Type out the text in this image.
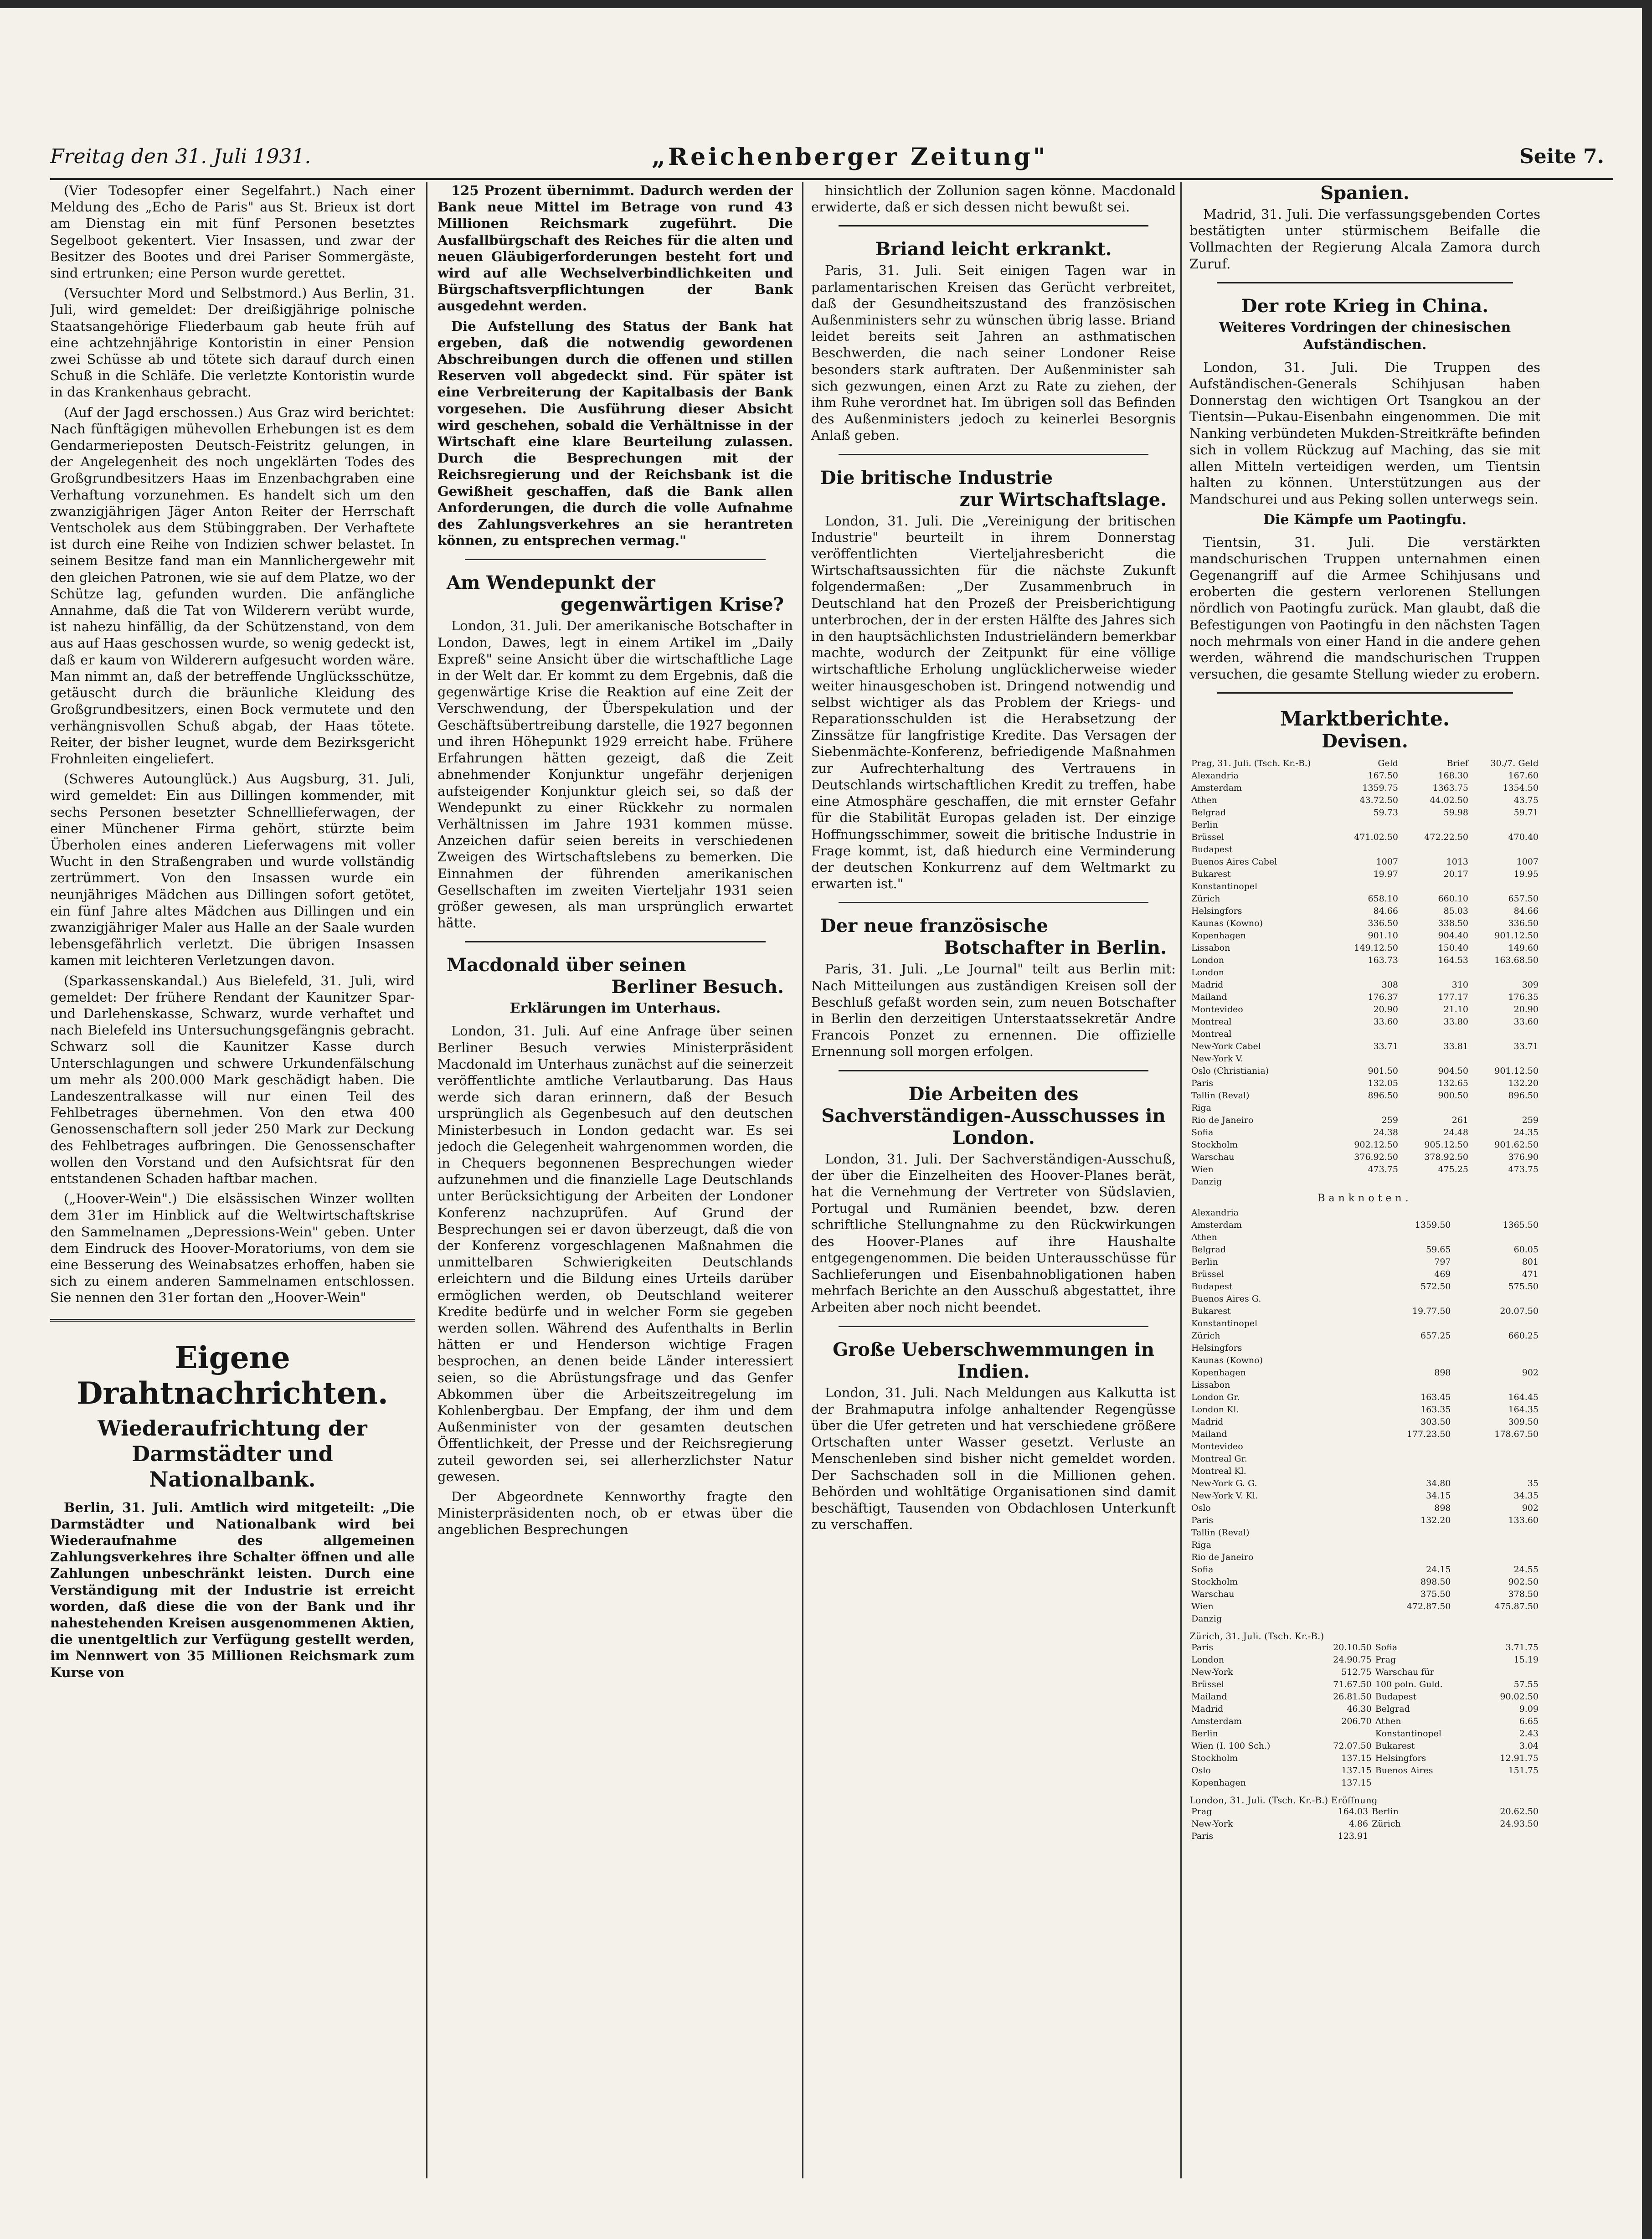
Freitag den 31. Juli 1931.	„Reichenberger Zeitung"	Seite 7.

(Vier Todesopfer einer Segelfahrt.) Nach einer Meldung des „Echo de Paris" aus St. Brieux ist dort am Dienstag ein mit fünf Personen besetztes Segelboot gekentert. Vier Insassen, und zwar der Besitzer des Bootes und drei Pariser Sommergäste, sind ertrunken; eine Person wurde gerettet.

(Versuchter Mord und Selbstmord.) Aus Berlin, 31. Juli, wird gemeldet: Der dreißigjährige polnische Staatsangehörige Fliederbaum gab heute früh auf eine achtzehnjährige Kontoristin in einer Pension zwei Schüsse ab und tötete sich darauf durch einen Schuß in die Schläfe. Die verletzte Kontoristin wurde in das Krankenhaus gebracht.

(Auf der Jagd erschossen.) Aus Graz wird berichtet: Nach fünftägigen mühevollen Erhebungen ist es dem Gendarmerieposten Deutsch-Feistritz gelungen, in der Angelegenheit des noch ungeklärten Todes des Großgrundbesitzers Haas im Enzenbachgraben eine Verhaftung vorzunehmen. Es handelt sich um den zwanzigjährigen Jäger Anton Reiter der Herrschaft Ventscholek aus dem Stübinggraben. Der Verhaftete ist durch eine Reihe von Indizien schwer belastet. In seinem Besitze fand man ein Mannlichergewehr mit den gleichen Patronen, wie sie auf dem Platze, wo der Schütze lag, gefunden wurden. Die anfängliche Annahme, daß die Tat von Wilderern verübt wurde, ist nahezu hinfällig, da der Schützenstand, von dem aus auf Haas geschossen wurde, so wenig gedeckt ist, daß er kaum von Wilderern aufgesucht worden wäre. Man nimmt an, daß der betreffende Unglücksschütze, getäuscht durch die bräunliche Kleidung des Großgrundbesitzers, einen Bock vermutete und den verhängnisvollen Schuß abgab, der Haas tötete. Reiter, der bisher leugnet, wurde dem Bezirksgericht Frohnleiten eingeliefert.

(Schweres Autounglück.) Aus Augsburg, 31. Juli, wird gemeldet: Ein aus Dillingen kommender, mit sechs Personen besetzter Schnelllieferwagen, der einer Münchener Firma gehört, stürzte beim Überholen eines anderen Lieferwagens mit voller Wucht in den Straßengraben und wurde vollständig zertrümmert. Von den Insassen wurde ein neunjähriges Mädchen aus Dillingen sofort getötet, ein fünf Jahre altes Mädchen aus Dillingen und ein zwanzigjähriger Maler aus Halle an der Saale wurden lebensgefährlich verletzt. Die übrigen Insassen kamen mit leichteren Verletzungen davon.

(Sparkassenskandal.) Aus Bielefeld, 31. Juli, wird gemeldet: Der frühere Rendant der Kaunitzer Spar- und Darlehenskasse, Schwarz, wurde verhaftet und nach Bielefeld ins Untersuchungsgefängnis gebracht. Schwarz soll die Kaunitzer Kasse durch Unterschlagungen und schwere Urkundenfälschung um mehr als 200.000 Mark geschädigt haben. Die Landeszentralkasse will nur einen Teil des Fehlbetrages übernehmen. Von den etwa 400 Genossenschaftern soll jeder 250 Mark zur Deckung des Fehlbetrages aufbringen. Die Genossenschafter wollen den Vorstand und den Aufsichtsrat für den entstandenen Schaden haftbar machen.

(„Hoover-Wein".) Die elsässischen Winzer wollten dem 31er im Hinblick auf die Weltwirtschaftskrise den Sammelnamen „Depressions-Wein" geben. Unter dem Eindruck des Hoover-Moratoriums, von dem sie eine Besserung des Weinabsatzes erhoffen, haben sie sich zu einem anderen Sammelnamen entschlossen. Sie nennen den 31er fortan den „Hoover-Wein"

Eigene Drahtnachrichten.
Wiederaufrichtung der Darmstädter und Nationalbank.

Berlin, 31. Juli. Amtlich wird mitgeteilt: „Die Darmstädter und Nationalbank wird bei Wiederaufnahme des allgemeinen Zahlungsverkehres ihre Schalter öffnen und alle Zahlungen unbeschränkt leisten. Durch eine Verständigung mit der Industrie ist erreicht worden, daß diese die von der Bank und ihr nahestehenden Kreisen ausgenommenen Aktien, die unentgeltlich zur Verfügung gestellt werden, im Nennwert von 35 Millionen Reichsmark zum Kurse von

125 Prozent übernimmt. Dadurch werden der Bank neue Mittel im Betrage von rund 43 Millionen Reichsmark zugeführt. Die Ausfallbürgschaft des Reiches für die alten und neuen Gläubigerforderungen besteht fort und wird auf alle Wechselverbindlichkeiten und Bürgschaftsverpflichtungen der Bank ausgedehnt werden.

Die Aufstellung des Status der Bank hat ergeben, daß die notwendig gewordenen Abschreibungen durch die offenen und stillen Reserven voll abgedeckt sind. Für später ist eine Verbreiterung der Kapitalbasis der Bank vorgesehen. Die Ausführung dieser Absicht wird geschehen, sobald die Verhältnisse in der Wirtschaft eine klare Beurteilung zulassen. Durch die Besprechungen mit der Reichsregierung und der Reichsbank ist die Gewißheit geschaffen, daß die Bank allen Anforderungen, die durch die volle Aufnahme des Zahlungsverkehres an sie herantreten können, zu entsprechen vermag."

Am Wendepunkt der
gegenwärtigen Krise?

London, 31. Juli. Der amerikanische Botschafter in London, Dawes, legt in einem Artikel im „Daily Expreß" seine Ansicht über die wirtschaftliche Lage in der Welt dar. Er kommt zu dem Ergebnis, daß die gegenwärtige Krise die Reaktion auf eine Zeit der Verschwendung, der Überspekulation und der Geschäftsübertreibung darstelle, die 1927 begonnen und ihren Höhepunkt 1929 erreicht habe. Frühere Erfahrungen hätten gezeigt, daß die Zeit abnehmender Konjunktur ungefähr derjenigen aufsteigender Konjunktur gleich sei, so daß der Wendepunkt zu einer Rückkehr zu normalen Verhältnissen im Jahre 1931 kommen müsse. Anzeichen dafür seien bereits in verschiedenen Zweigen des Wirtschaftslebens zu bemerken. Die Einnahmen der führenden amerikanischen Gesellschaften im zweiten Vierteljahr 1931 seien größer gewesen, als man ursprünglich erwartet hätte.

Macdonald über seinen
Berliner Besuch.
Erklärungen im Unterhaus.

London, 31. Juli. Auf eine Anfrage über seinen Berliner Besuch verwies Ministerpräsident Macdonald im Unterhaus zunächst auf die seinerzeit veröffentlichte amtliche Verlautbarung. Das Haus werde sich daran erinnern, daß der Besuch ursprünglich als Gegenbesuch auf den deutschen Ministerbesuch in London gedacht war. Es sei jedoch die Gelegenheit wahrgenommen worden, die in Chequers begonnenen Besprechungen wieder aufzunehmen und die finanzielle Lage Deutschlands unter Berücksichtigung der Arbeiten der Londoner Konferenz nachzuprüfen. Auf Grund der Besprechungen sei er davon überzeugt, daß die von der Konferenz vorgeschlagenen Maßnahmen die unmittelbaren Schwierigkeiten Deutschlands erleichtern und die Bildung eines Urteils darüber ermöglichen werden, ob Deutschland weiterer Kredite bedürfe und in welcher Form sie gegeben werden sollen. Während des Aufenthalts in Berlin hätten er und Henderson wichtige Fragen besprochen, an denen beide Länder interessiert seien, so die Abrüstungsfrage und das Genfer Abkommen über die Arbeitszeitregelung im Kohlenbergbau. Der Empfang, der ihm und dem Außenminister von der gesamten deutschen Öffentlichkeit, der Presse und der Reichsregierung zuteil geworden sei, sei allerherzlichster Natur gewesen.

Der Abgeordnete Kennworthy fragte den Ministerpräsidenten noch, ob er etwas über die angeblichen Besprechungen

hinsichtlich der Zollunion sagen könne. Macdonald erwiderte, daß er sich dessen nicht bewußt sei.

Briand leicht erkrankt.

Paris, 31. Juli. Seit einigen Tagen war in parlamentarischen Kreisen das Gerücht verbreitet, daß der Gesundheitszustand des französischen Außenministers sehr zu wünschen übrig lasse. Briand leidet bereits seit Jahren an asthmatischen Beschwerden, die nach seiner Londoner Reise besonders stark auftraten. Der Außenminister sah sich gezwungen, einen Arzt zu Rate zu ziehen, der ihm Ruhe verordnet hat. Im übrigen soll das Befinden des Außenministers jedoch zu keinerlei Besorgnis Anlaß geben.

Die britische Industrie
zur Wirtschaftslage.

London, 31. Juli. Die „Vereinigung der britischen Industrie" beurteilt in ihrem Donnerstag veröffentlichten Vierteljahresbericht die Wirtschaftsaussichten für die nächste Zukunft folgendermaßen: „Der Zusammenbruch in Deutschland hat den Prozeß der Preisberichtigung unterbrochen, der in der ersten Hälfte des Jahres sich in den hauptsächlichsten Industrieländern bemerkbar machte, wodurch der Zeitpunkt für eine völlige wirtschaftliche Erholung unglücklicherweise wieder weiter hinausgeschoben ist. Dringend notwendig und selbst wichtiger als das Problem der Kriegs- und Reparationsschulden ist die Herabsetzung der Zinssätze für langfristige Kredite. Das Versagen der Siebenmächte-Konferenz, befriedigende Maßnahmen zur Aufrechterhaltung des Vertrauens in Deutschlands wirtschaftlichen Kredit zu treffen, habe eine Atmosphäre geschaffen, die mit ernster Gefahr für die Stabilität Europas geladen ist. Der einzige Hoffnungsschimmer, soweit die britische Industrie in Frage kommt, ist, daß hiedurch eine Verminderung der deutschen Konkurrenz auf dem Weltmarkt zu erwarten ist."

Der neue französische
Botschafter in Berlin.

Paris, 31. Juli. „Le Journal" teilt aus Berlin mit: Nach Mitteilungen aus zuständigen Kreisen soll der Beschluß gefaßt worden sein, zum neuen Botschafter in Berlin den derzeitigen Unterstaatssekretär Andre Francois Ponzet zu ernennen. Die offizielle Ernennung soll morgen erfolgen.

Die Arbeiten des Sachverständigen-Ausschusses in London.

London, 31. Juli. Der Sachverständigen-Ausschuß, der über die Einzelheiten des Hoover-Planes berät, hat die Vernehmung der Vertreter von Südslavien, Portugal und Rumänien beendet, bzw. deren schriftliche Stellungnahme zu den Rückwirkungen des Hoover-Planes auf ihre Haushalte entgegengenommen. Die beiden Unterausschüsse für Sachlieferungen und Eisenbahnobligationen haben mehrfach Berichte an den Ausschuß abgestattet, ihre Arbeiten aber noch nicht beendet.

Große Ueberschwemmungen in Indien.

London, 31. Juli. Nach Meldungen aus Kalkutta ist der Brahmaputra infolge anhaltender Regengüsse über die Ufer getreten und hat verschiedene größere Ortschaften unter Wasser gesetzt. Verluste an Menschenleben sind bisher nicht gemeldet worden. Der Sachschaden soll in die Millionen gehen. Behörden und wohltätige Organisationen sind damit beschäftigt, Tausenden von Obdachlosen Unterkunft zu verschaffen.

Spanien.

Madrid, 31. Juli. Die verfassungsgebenden Cortes bestätigten unter stürmischem Beifalle die Vollmachten der Regierung Alcala Zamora durch Zuruf.

Der rote Krieg in China.
Weiteres Vordringen der chinesischen Aufständischen.

London, 31. Juli. Die Truppen des Aufständischen-Generals Schihjusan haben Donnerstag den wichtigen Ort Tsangkou an der Tientsin—Pukau-Eisenbahn eingenommen. Die mit Nanking verbündeten Mukden-Streitkräfte befinden sich in vollem Rückzug auf Maching, das sie mit allen Mitteln verteidigen werden, um Tientsin halten zu können. Unterstützungen aus der Mandschurei und aus Peking sollen unterwegs sein.

Die Kämpfe um Paotingfu.

Tientsin, 31. Juli. Die verstärkten mandschurischen Truppen unternahmen einen Gegenangriff auf die Armee Schihjusans und eroberten die gestern verlorenen Stellungen nördlich von Paotingfu zurück. Man glaubt, daß die Befestigungen von Paotingfu in den nächsten Tagen noch mehrmals von einer Hand in die andere gehen werden, während die mandschurischen Truppen versuchen, die gesamte Stellung wieder zu erobern.

Marktberichte.
Devisen.
Prag, 31. Juli. (Tsch. Kr.-B.)	Geld	Brief	30./7. Geld
Alexandria	167.50	168.30	167.60
Amsterdam	1359.75	1363.75	1354.50
Athen	43.72.50	44.02.50	43.75
Belgrad	59.73	59.98	59.71
Berlin			
Brüssel	471.02.50	472.22.50	470.40
Budapest			
Buenos Aires Cabel	1007	1013	1007
Bukarest	19.97	20.17	19.95
Konstantinopel			
Zürich	658.10	660.10	657.50
Helsingfors	84.66	85.03	84.66
Kaunas (Kowno)	336.50	338.50	336.50
Kopenhagen	901.10	904.40	901.12.50
Lissabon	149.12.50	150.40	149.60
London	163.73	164.53	163.68.50
London			
Madrid	308	310	309
Mailand	176.37	177.17	176.35
Montevideo	20.90	21.10	20.90
Montreal	33.60	33.80	33.60
Montreal			
New-York Cabel	33.71	33.81	33.71
New-York V.			
Oslo (Christiania)	901.50	904.50	901.12.50
Paris	132.05	132.65	132.20
Tallin (Reval)	896.50	900.50	896.50
Riga			
Rio de Janeiro	259	261	259
Sofia	24.38	24.48	24.35
Stockholm	902.12.50	905.12.50	901.62.50
Warschau	376.92.50	378.92.50	376.90
Wien	473.75	475.25	473.75
Danzig			
Banknoten.
Alexandria		
Amsterdam	1359.50	1365.50
Athen		
Belgrad	59.65	60.05
Berlin	797	801
Brüssel	469	471
Budapest	572.50	575.50
Buenos Aires G.		
Bukarest	19.77.50	20.07.50
Konstantinopel		
Zürich	657.25	660.25
Helsingfors		
Kaunas (Kowno)		
Kopenhagen	898	902
Lissabon		
London Gr.	163.45	164.45
London Kl.	163.35	164.35
Madrid	303.50	309.50
Mailand	177.23.50	178.67.50
Montevideo		
Montreal Gr.		
Montreal Kl.		
New-York G. G.	34.80	35
New-York V. Kl.	34.15	34.35
Oslo	898	902
Paris	132.20	133.60
Tallin (Reval)		
Riga		
Rio de Janeiro		
Sofia	24.15	24.55
Stockholm	898.50	902.50
Warschau	375.50	378.50
Wien	472.87.50	475.87.50
Danzig		
Zürich, 31. Juli. (Tsch. Kr.-B.)
Paris	20.10.50	Sofia	3.71.75
London	24.90.75	Prag	15.19
New-York	512.75	Warschau für	
Brüssel	71.67.50	100 poln. Guld.	57.55
Mailand	26.81.50	Budapest	90.02.50
Madrid	46.30	Belgrad	9.09
Amsterdam	206.70	Athen	6.65
Berlin		Konstantinopel	2.43
Wien (I. 100 Sch.)	72.07.50	Bukarest	3.04
Stockholm	137.15	Helsingfors	12.91.75
Oslo	137.15	Buenos Aires	151.75
Kopenhagen	137.15		
London, 31. Juli. (Tsch. Kr.-B.) Eröffnung
Prag	164.03	Berlin	20.62.50
New-York	4.86	Zürich	24.93.50
Paris	123.91		
